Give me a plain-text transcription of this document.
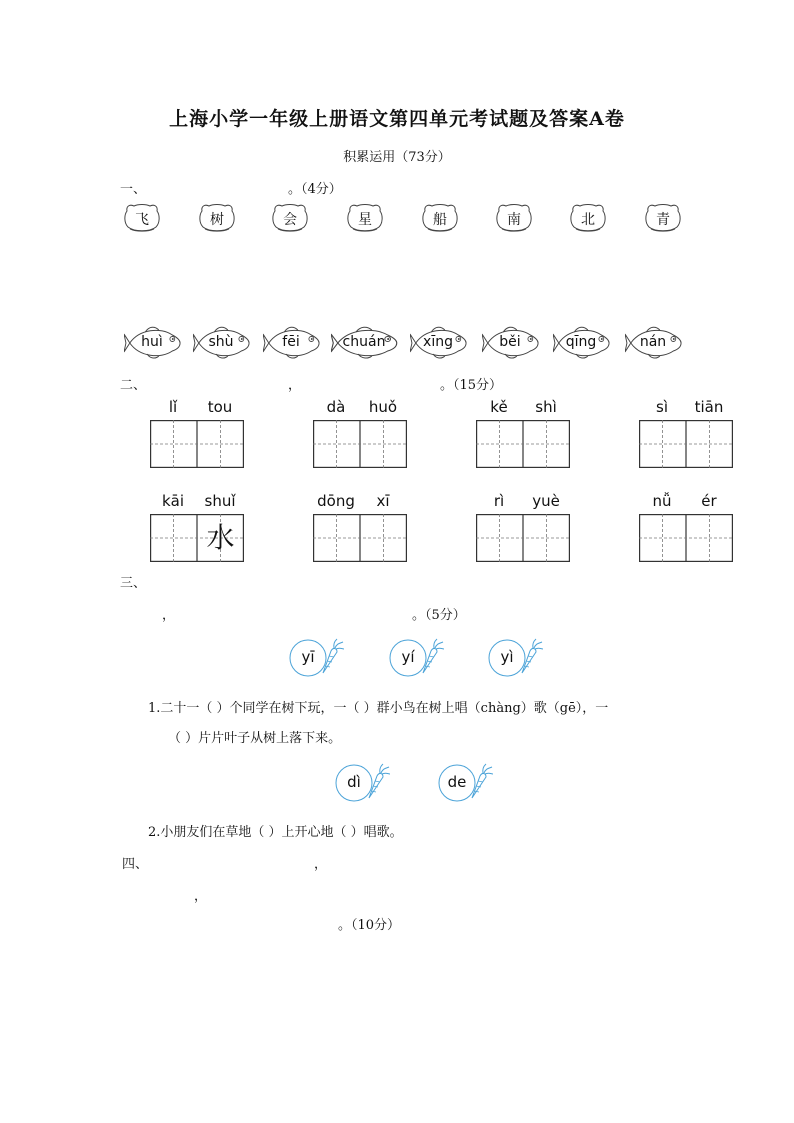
上海小学一年级上册语文第四单元考试题及答案A卷
积累运用（73分）
一、	。（4分）
飞	树	会	星	船	南	北	青
huì	shù	fēi	chuán	xīng	běi	qīng	nán
二、	，	。（15分）
lǐ	tou	dà	huǒ	kě	shì	sì	tiān
kāi	shuǐ
水
dōng	xī	rì	yuè	nǚ	ér
三、
，	。（5分）
yī	yí	yì
1.二十一（ ）个同学在树下玩，一（ ）群小鸟在树上唱（chàng）歌（gē），一
（ ）片片叶子从树上落下来。
dì	de
2.小朋友们在草地（ ）上开心地（ ）唱歌。
四、	，
，
。（10分）
